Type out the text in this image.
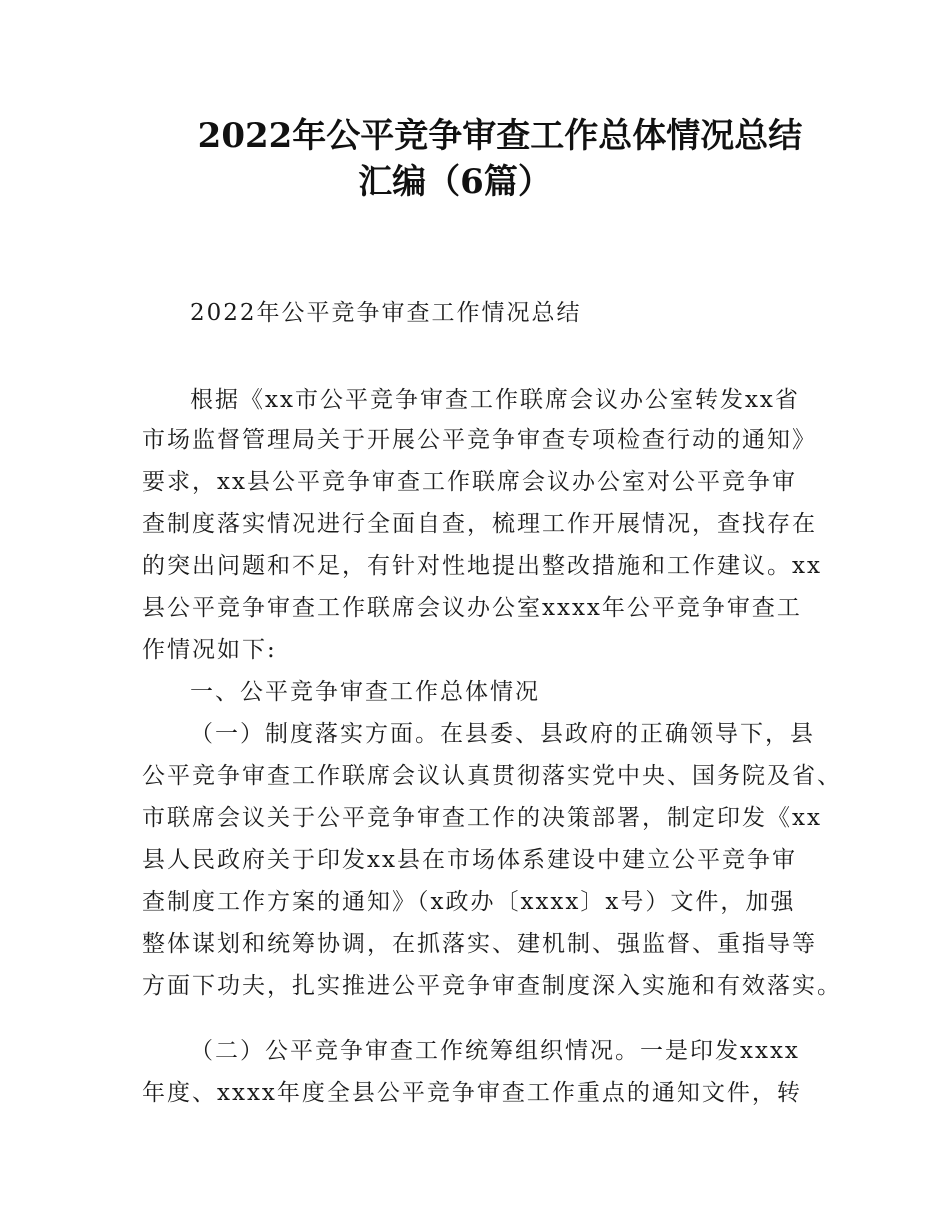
2022年公平竞争审查工作总体情况总结
汇编（6篇）
2022年公平竞争审查工作情况总结
根据《xx市公平竞争审查工作联席会议办公室转发xx省
市场监督管理局关于开展公平竞争审查专项检查行动的通知》
要求，xx县公平竞争审查工作联席会议办公室对公平竞争审
查制度落实情况进行全面自查，梳理工作开展情况，查找存在
的突出问题和不足，有针对性地提出整改措施和工作建议。xx
县公平竞争审查工作联席会议办公室xxxx年公平竞争审查工
作情况如下:
一、公平竞争审查工作总体情况
（一）制度落实方面。在县委、县政府的正确领导下，县
公平竞争审查工作联席会议认真贯彻落实党中央、国务院及省、
市联席会议关于公平竞争审查工作的决策部署，制定印发《xx
县人民政府关于印发xx县在市场体系建设中建立公平竞争审
查制度工作方案的通知》（x政办〔xxxx〕x号）文件，加强
整体谋划和统筹协调，在抓落实、建机制、强监督、重指导等
方面下功夫，扎实推进公平竞争审查制度深入实施和有效落实。
（二）公平竞争审查工作统筹组织情况。一是印发xxxx
年度、xxxx年度全县公平竞争审查工作重点的通知文件，转
